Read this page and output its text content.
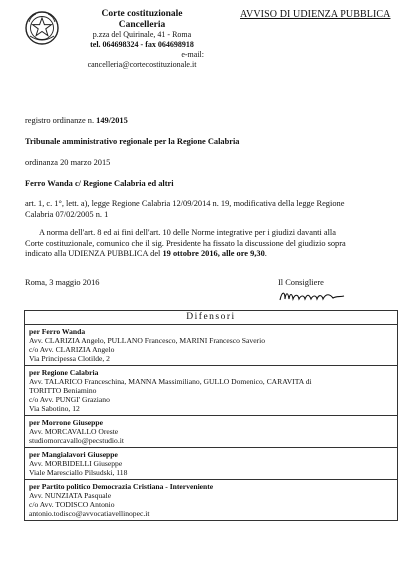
Corte costituzionale
Cancelleria
p.zza del Quirinale, 41 - Roma
tel. 064698324 - fax 064698918
e-mail:
cancelleria@cortecostituzionale.it
AVVISO DI UDIENZA PUBBLICA
registro ordinanze n. 149/2015
Tribunale amministrativo regionale per la Regione Calabria
ordinanza 20 marzo 2015
Ferro Wanda c/ Regione Calabria ed altri
art. 1, c. 1°, lett. a), legge Regione Calabria 12/09/2014 n. 19, modificativa della legge Regione
Calabria 07/02/2005 n. 1
A norma dell'art. 8 ed ai fini dell'art. 10 delle Norme integrative per i giudizi davanti alla
Corte costituzionale, comunico che il sig. Presidente ha fissato la discussione del giudizio sopra
indicato alla UDIENZA PUBBLICA del 19 ottobre 2016, alle ore 9,30.
Roma, 3 maggio 2016	Il Consigliere
Difensori
per Ferro Wanda
Avv. CLARIZIA Angelo, PULLANO Francesco, MARINI Francesco Saverio
c/o Avv. CLARIZIA Angelo
Via Principessa Clotilde, 2
per Regione Calabria
Avv. TALARICO Franceschina, MANNA Massimiliano, GULLO Domenico, CARAVITA di
TORITTO Beniamino
c/o Avv. PUNGI' Graziano
Via Sabotino, 12
per Morrone Giuseppe
Avv. MORCAVALLO Oreste
studiomorcavallo@pecstudio.it
per Mangialavori Giuseppe
Avv. MORBIDELLI Giuseppe
Viale Maresciallo Pilsudski, 118
per Partito politico Democrazia Cristiana - Interveniente
Avv. NUNZIATA Pasquale
c/o Avv. TODISCO Antonio
antonio.todisco@avvocatiavellinopec.it
